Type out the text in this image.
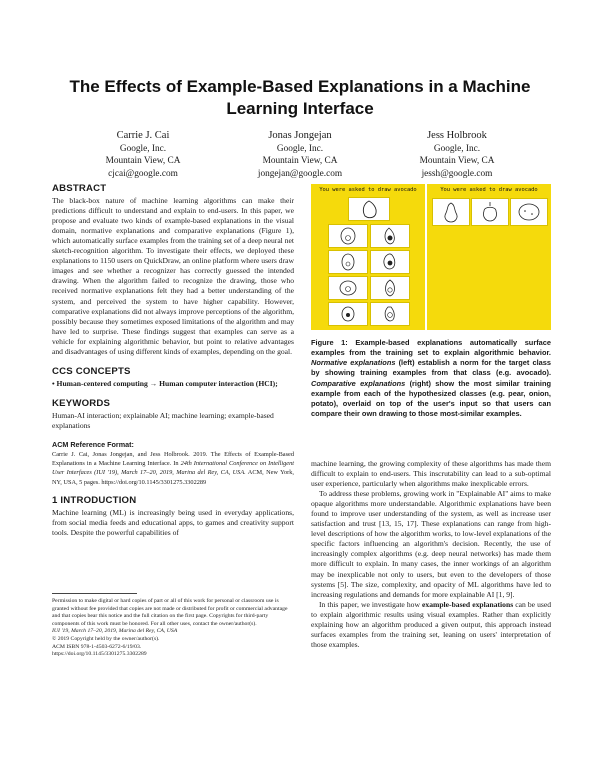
The Effects of Example-Based Explanations in a Machine Learning Interface
Carrie J. Cai
Google, Inc.
Mountain View, CA
cjcai@google.com
Jonas Jongejan
Google, Inc.
Mountain View, CA
jongejan@google.com
Jess Holbrook
Google, Inc.
Mountain View, CA
jessh@google.com
ABSTRACT

The black-box nature of machine learning algorithms can make their predictions difficult to understand and explain to end-users. In this paper, we propose and evaluate two kinds of example-based explanations in the visual domain, normative explanations and comparative explanations (Figure 1), which automatically surface examples from the training set of a deep neural net sketch-recognition algorithm. To investigate their effects, we deployed these explanations to 1150 users on QuickDraw, an online platform where users draw images and see whether a recognizer has correctly guessed the intended drawing. When the algorithm failed to recognize the drawing, those who received normative explanations felt they had a better understanding of the system, and perceived the system to have higher capability. However, comparative explanations did not always improve perceptions of the algorithm, possibly because they sometimes exposed limitations of the algorithm and may have led to surprise. These findings suggest that examples can serve as a vehicle for explaining algorithmic behavior, but point to relative advantages and disadvantages of using different kinds of examples, depending on the goal.

CCS CONCEPTS

• Human-centered computing → Human computer interaction (HCI);

KEYWORDS

Human-AI interaction; explainable AI; machine learning; example-based explanations

ACM Reference Format:

Carrie J. Cai, Jonas Jongejan, and Jess Holbrook. 2019. The Effects of Example-Based Explanations in a Machine Learning Interface. In 24th International Conference on Intelligent User Interfaces (IUI '19), March 17–20, 2019, Marina del Rey, CA, USA. ACM, New York, NY, USA, 5 pages. https://doi.org/10.1145/3301275.3302289

1 INTRODUCTION

Machine learning (ML) is increasingly being used in everyday applications, from social media feeds and educational apps, to games and creativity support tools. Despite the powerful capabilities of

Permission to make digital or hard copies of part or all of this work for personal or classroom use is granted without fee provided that copies are not made or distributed for profit or commercial advantage and that copies bear this notice and the full citation on the first page. Copyrights for third-party components of this work must be honored. For all other uses, contact the owner/author(s).
IUI '19, March 17–20, 2019, Marina del Rey, CA, USA
© 2019 Copyright held by the owner/author(s).
ACM ISBN 978-1-4503-6272-6/19/03.
https://doi.org/10.1145/3301275.3302289
You were asked to draw avocado	You were asked to draw avocado
Figure 1: Example-based explanations automatically surface examples from the training set to explain algorithmic behavior. Normative explanations (left) establish a norm for the target class by showing training examples from that class (e.g. avocado). Comparative explanations (right) show the most similar training example from each of the hypothesized classes (e.g. pear, onion, potato), overlaid on top of the user's input so that users can compare their own drawing to those most-similar examples.

machine learning, the growing complexity of these algorithms has made them difficult to explain to end-users. This inscrutability can lead to a sub-optimal user experience, particularly when algorithms make inexplicable errors.

To address these problems, growing work in "Explainable AI" aims to make opaque algorithms more understandable. Algorithmic explanations have been found to improve user understanding of the system, as well as increase user satisfaction and trust [13, 15, 17]. These explanations can range from high-level descriptions of how the algorithm works, to low-level explanations of the specific factors influencing an algorithm's decision. Recently, the use of increasingly complex algorithms (e.g. deep neural networks) has made them more difficult to explain. In many cases, the inner workings of an algorithm may be inexplicable not only to users, but even to the developers of those systems [5]. The size, complexity, and opacity of ML algorithms have led to increasing regulations and demands for more explainable AI [1, 9].

In this paper, we investigate how example-based explanations can be used to explain algorithmic results using visual examples. Rather than explicitly explaining how an algorithm produced a given output, this approach instead surfaces examples from the training set, leaning on users' interpretation of those examples.
